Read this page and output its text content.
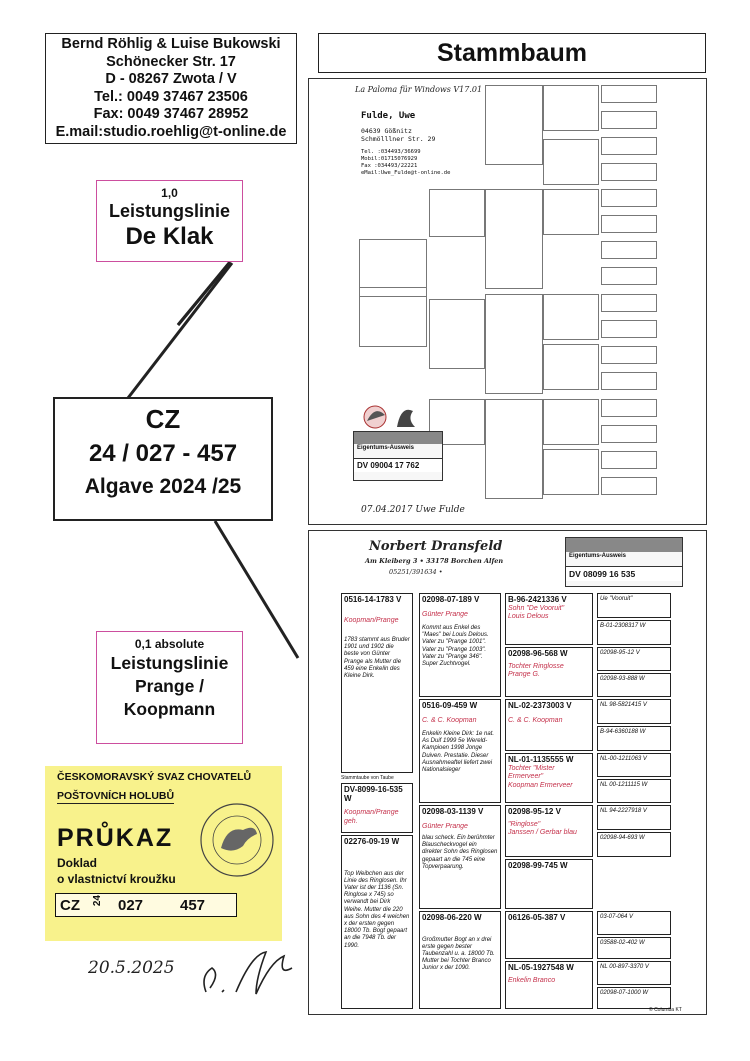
Bernd Röhlig & Luise Bukowski
Schönecker Str. 17
D - 08267 Zwota / V
Tel.: 0049 37467 23506
Fax: 0049 37467 28952
E.mail:studio.roehlig@t-online.de
Stammbaum
1,0
Leistungslinie
De Klak
CZ
24 / 027 - 457
Algave 2024 /25
0,1 absolute
Leistungslinie
Prange /
Koopmann
La Paloma für Windows V17.01
Fulde, Uwe
04639 Gößnitz
Schmölllner Str. 29
Tel. :034493/36699
Mobil:01715076929
Fax :034493/22221
eMail:Uwe_Fulde@t-online.de
Eigentums-Ausweis
DV 09004 17 762
07.04.2017 Uwe Fulde
Norbert Dransfeld
Am Kleiberg 3 • 33178 Borchen Alfen
05251/391634 •
Eigentums-Ausweis
DV 08099 16 535
0516-14-1783 V
Koopman/Prange
1783 stammt aus Bruder 1901 und 1902 die beste von Günter Prange als Mutter die 459 eine Enkelin des Kleine Dirk.
Stammtaube von Taube
DV-8099-16-535 W
Koopman/Prange
geh.
02276-09-19 W
Top Weibchen aus der Linie des Ringlosen. Ihr Vater ist der 1136 (Sn. Ringlose x 745) so verwandt bei Dirk Weihe. Mutter die 220 aus Sohn des 4 weichen x der ersten gegen 18000 Tb. Bogt gepaart an die 7948 Tb. der 1990.
02098-07-189 V
Günter Prange
Kommt aus Enkel des "Maes" bei Louis Delous. Vater zu "Prange 1001". Vater zu "Prange 1003". Vater zu "Prange 346". Super Zuchtvogel.
0516-09-459 W
C. & C. Koopman
Enkelin Kleine Dirk: 1e nat. As Duif 1999 5e Wereld-Kampioen 1998 Jonge Duiven. Prestatie. Dieser Ausnahmeaftel liefert zwei Nationalsieger
02098-03-1139 V
Günter Prange
blau scheck. Ein berühmter Blauscheckvogel ein direkter Sohn des Ringlosen gepaart an die 745 eine Topverpaarung.
02098-06-220 W
Großmutter Bogt an x drei erste gegen bester Taubenzahl u. a. 18000 Tb. Mutter bei Tochter Branco Junior x der 1090.
B-96-2421336 V
Sohn "De Vooruit"
Louis Delous
02098-96-568 W
Tochter Ringlosse
Prange G.
NL-02-2373003 V
C. & C. Koopman
NL-01-1135555 W
Tochter "Mister Ermerveer"
Koopman Ermerveer
02098-95-12 V
"Ringlose"
Janssen / Gerbar blau
02098-99-745 W
06126-05-387 V
NL-05-1927548 W
Enkelin Branco
Ue "Vooruit"
B-01-2308317 W
02098-95-12 V
02098-93-888 W
NL 98-5821415 V
B-94-6360188 W
NL-00-1211063 V
NL 00-1211115 W
NL 94-2227918 V
02098-94-693 W
03-07-064 V
03588-02-402 W
NL 00-897-3370 V
02098-07-1000 W
© Columba KT
ČESKOMORAVSKÝ SVAZ CHOVATELŮ
POŠTOVNÍCH HOLUBŮ
PRŮKAZ
Doklad
o vlastnictví kroužku
CZ 24 027 457
20.5.2025
